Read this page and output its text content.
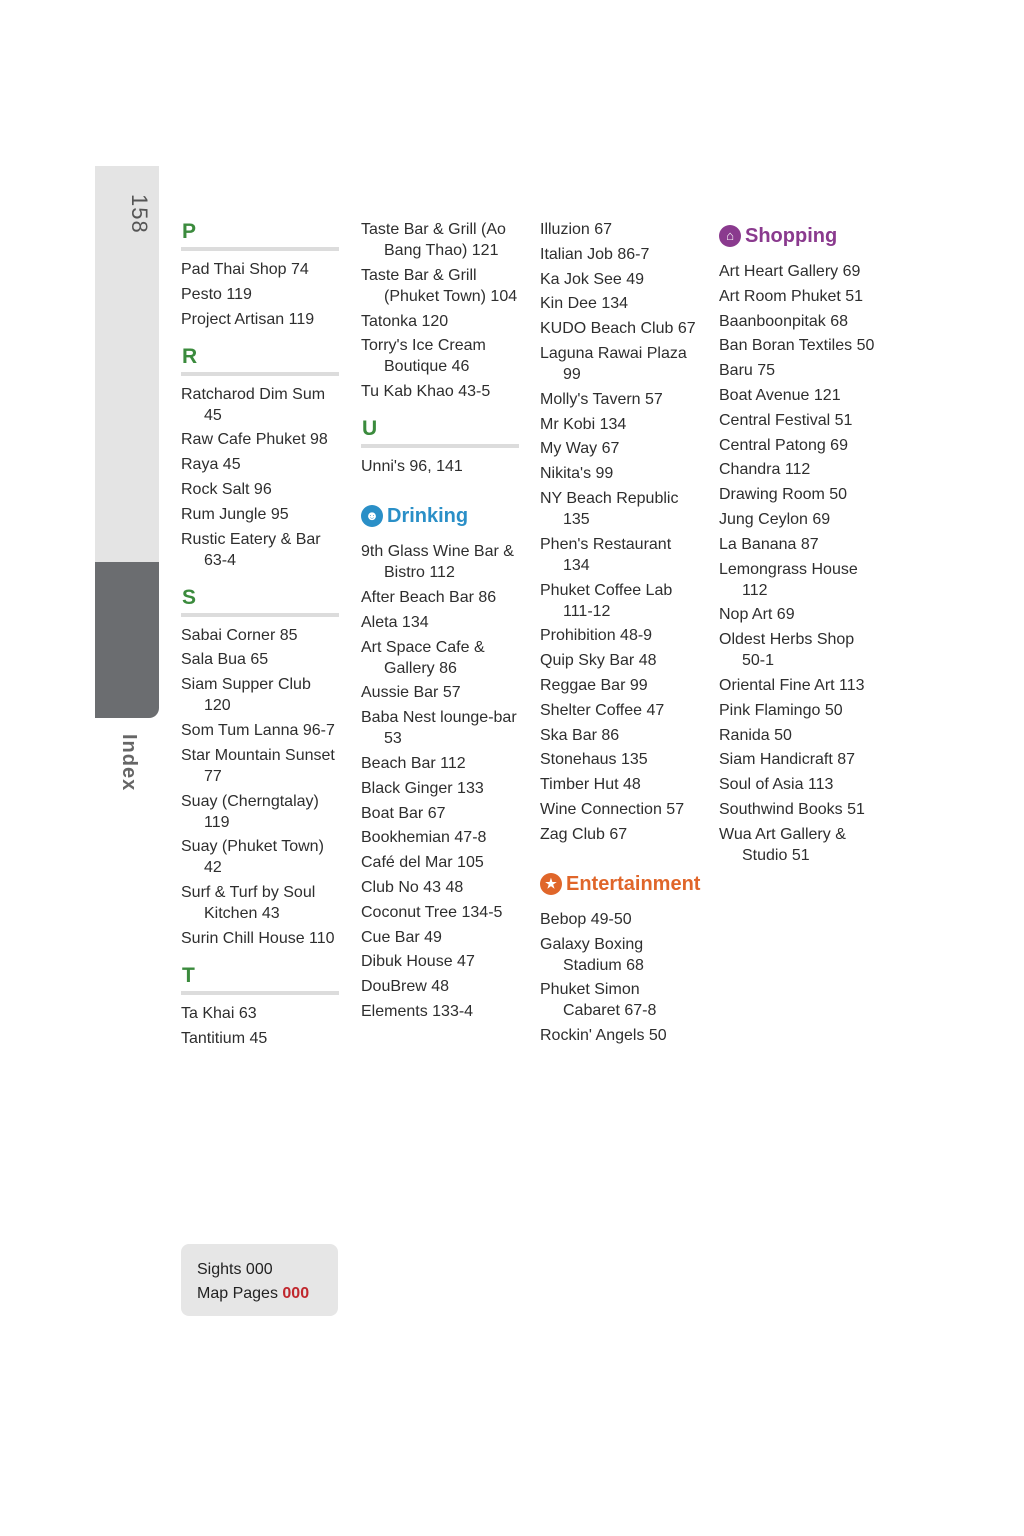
158
Index
P
Pad Thai Shop 74
Pesto 119
Project Artisan 119
R
Ratcharod Dim Sum 45
Raw Cafe Phuket 98
Raya 45
Rock Salt 96
Rum Jungle 95
Rustic Eatery & Bar 63-4
S
Sabai Corner 85
Sala Bua 65
Siam Supper Club 120
Som Tum Lanna 96-7
Star Mountain Sunset 77
Suay (Cherngtalay) 119
Suay (Phuket Town) 42
Surf & Turf by Soul Kitchen 43
Surin Chill House 110
T
Ta Khai 63
Tantitium 45
Taste Bar & Grill (Ao Bang Thao) 121
Taste Bar & Grill (Phuket Town) 104
Tatonka 120
Torry's Ice Cream Boutique 46
Tu Kab Khao 43-5
U
Unni's 96, 141
☻ Drinking
9th Glass Wine Bar & Bistro 112
After Beach Bar 86
Aleta 134
Art Space Cafe & Gallery 86
Aussie Bar 57
Baba Nest lounge-bar 53
Beach Bar 112
Black Ginger 133
Boat Bar 67
Bookhemian 47-8
Café del Mar 105
Club No 43 48
Coconut Tree 134-5
Cue Bar 49
Dibuk House 47
DouBrew 48
Elements 133-4
Illuzion 67
Italian Job 86-7
Ka Jok See 49
Kin Dee 134
KUDO Beach Club 67
Laguna Rawai Plaza 99
Molly's Tavern 57
Mr Kobi 134
My Way 67
Nikita's 99
NY Beach Republic 135
Phen's Restaurant 134
Phuket Coffee Lab 111-12
Prohibition 48-9
Quip Sky Bar 48
Reggae Bar 99
Shelter Coffee 47
Ska Bar 86
Stonehaus 135
Timber Hut 48
Wine Connection 57
Zag Club 67
★ Entertainment
Bebop 49-50
Galaxy Boxing Stadium 68
Phuket Simon Cabaret 67-8
Rockin' Angels 50
⌂ Shopping
Art Heart Gallery 69
Art Room Phuket 51
Baanboonpitak 68
Ban Boran Textiles 50
Baru 75
Boat Avenue 121
Central Festival 51
Central Patong 69
Chandra 112
Drawing Room 50
Jung Ceylon 69
La Banana 87
Lemongrass House 112
Nop Art 69
Oldest Herbs Shop 50-1
Oriental Fine Art 113
Pink Flamingo 50
Ranida 50
Siam Handicraft 87
Soul of Asia 113
Southwind Books 51
Wua Art Gallery & Studio 51
Sights 000
Map Pages 000
